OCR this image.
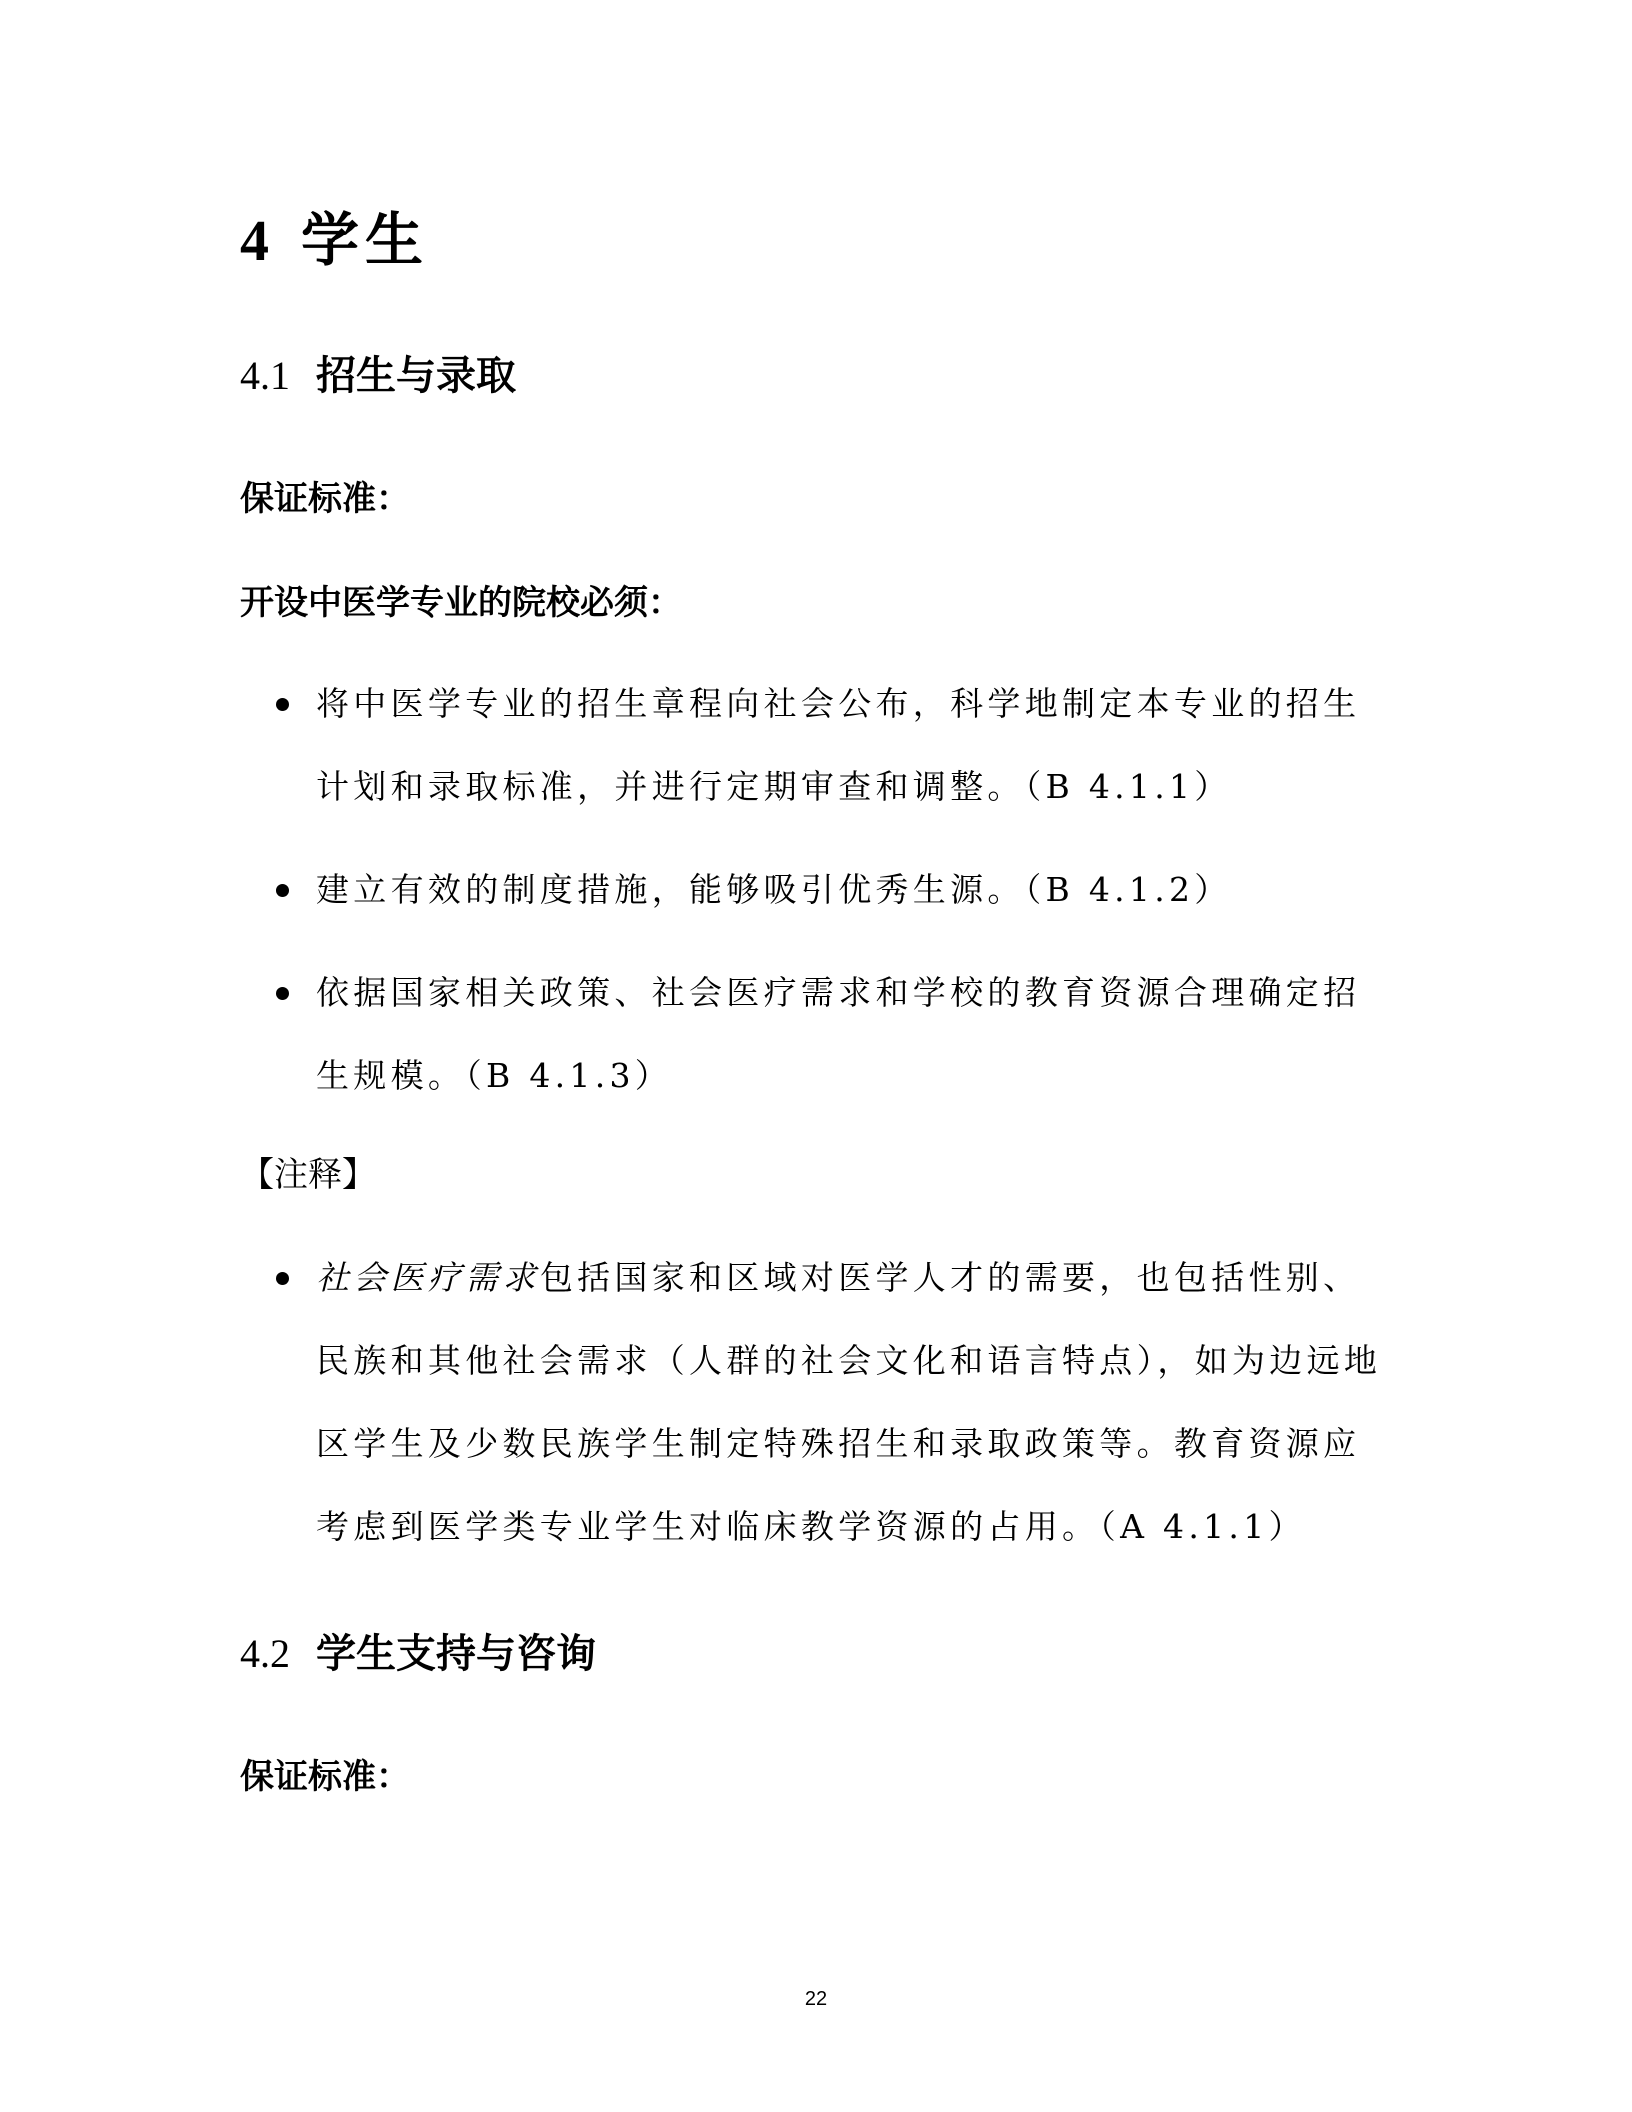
4 学生
4.1 招生与录取

保证标准：

开设中医学专业的院校必须：

将中医学专业的招生章程向社会公布，科学地制定本专业的招生计划和录取标准，并进行定期审查和调整。（B 4.1.1）
建立有效的制度措施，能够吸引优秀生源。（B 4.1.2）
依据国家相关政策、社会医疗需求和学校的教育资源合理确定招生规模。（B 4.1.3）

【注释】

社会医疗需求包括国家和区域对医学人才的需要，也包括性别、民族和其他社会需求（人群的社会文化和语言特点），如为边远地区学生及少数民族学生制定特殊招生和录取政策等。教育资源应考虑到医学类专业学生对临床教学资源的占用。（A 4.1.1）
4.2 学生支持与咨询

保证标准：

22
